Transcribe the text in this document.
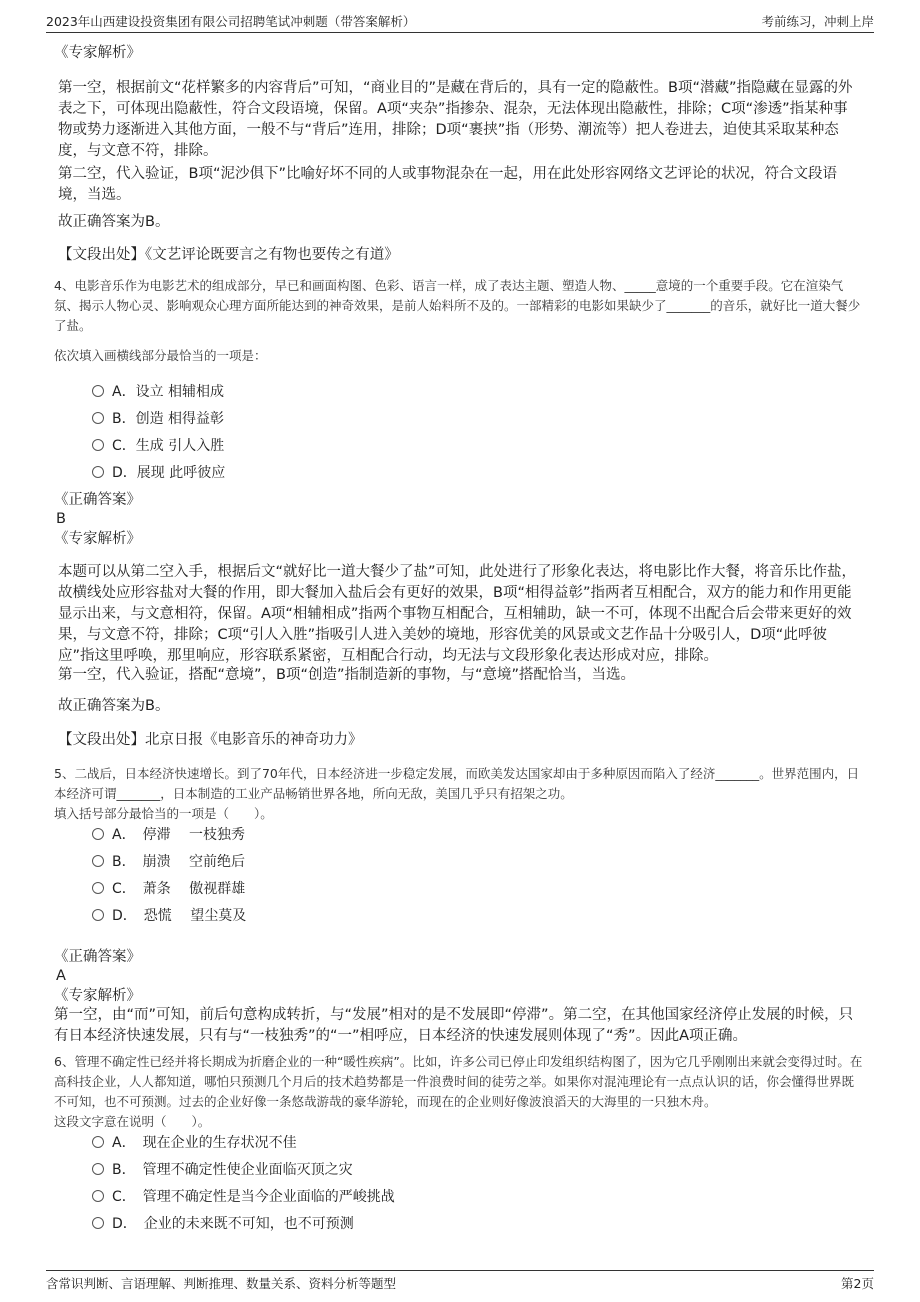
2023年山西建设投资集团有限公司招聘笔试冲刺题（带答案解析）	考前练习，冲刺上岸
《专家解析》
第一空，根据前文“花样繁多的内容背后”可知，“商业目的”是藏在背后的，具有一定的隐蔽性。B项“潜藏”指隐藏在显露的外表之下，可体现出隐蔽性，符合文段语境，保留。A项“夹杂”指掺杂、混杂，无法体现出隐蔽性，排除；C项“渗透”指某种事物或势力逐渐进入其他方面，一般不与“背后”连用，排除；D项“裹挟”指（形势、潮流等）把人卷进去，迫使其采取某种态度，与文意不符，排除。
第二空，代入验证，B项“泥沙俱下”比喻好坏不同的人或事物混杂在一起，用在此处形容网络文艺评论的状况，符合文段语境，当选。
故正确答案为B。
【文段出处】《文艺评论既要言之有物也要传之有道》
4、电影音乐作为电影艺术的组成部分，早已和画面构图、色彩、语言一样，成了表达主题、塑造人物、_____意境的一个重要手段。它在渲染气氛、揭示人物心灵、影响观众心理方面所能达到的神奇效果，是前人始料所不及的。一部精彩的电影如果缺少了_______的音乐，就好比一道大餐少了盐。
依次填入画横线部分最恰当的一项是：
A．设立 相辅相成
B．创造 相得益彰
C．生成 引人入胜
D．展现 此呼彼应
《正确答案》
B
《专家解析》
本题可以从第二空入手，根据后文“就好比一道大餐少了盐”可知，此处进行了形象化表达，将电影比作大餐，将音乐比作盐，故横线处应形容盐对大餐的作用，即大餐加入盐后会有更好的效果，B项“相得益彰”指两者互相配合，双方的能力和作用更能显示出来，与文意相符，保留。A项“相辅相成”指两个事物互相配合，互相辅助，缺一不可，体现不出配合后会带来更好的效果，与文意不符，排除；C项“引人入胜”指吸引人进入美妙的境地，形容优美的风景或文艺作品十分吸引人，D项“此呼彼应”指这里呼唤，那里响应，形容联系紧密，互相配合行动，均无法与文段形象化表达形成对应，排除。
第一空，代入验证，搭配“意境”，B项“创造”指制造新的事物，与“意境”搭配恰当，当选。
故正确答案为B。
【文段出处】北京日报《电影音乐的神奇功力》
5、二战后，日本经济快速增长。到了70年代，日本经济进一步稳定发展，而欧美发达国家却由于多种原因而陷入了经济_______。世界范围内，日本经济可谓_______，日本制造的工业产品畅销世界各地，所向无敌，美国几乎只有招架之功。
填入括号部分最恰当的一项是（　　）。
A．　停滞　 一枝独秀
B．　崩溃　 空前绝后
C．　萧条　 傲视群雄
D．　恐慌　 望尘莫及
《正确答案》
A
《专家解析》
第一空，由“而”可知，前后句意构成转折，与“发展”相对的是不发展即“停滞”。第二空，在其他国家经济停止发展的时候，只有日本经济快速发展，只有与“一枝独秀”的“一”相呼应，日本经济的快速发展则体现了“秀”。因此A项正确。
6、管理不确定性已经并将长期成为折磨企业的一种“暖性疾病”。比如，许多公司已停止印发组织结构图了，因为它几乎刚刚出来就会变得过时。在高科技企业，人人都知道，哪怕只预测几个月后的技术趋势都是一件浪费时间的徒劳之举。如果你对混沌理论有一点点认识的话，你会懂得世界既不可知，也不可预测。过去的企业好像一条悠哉游哉的豪华游轮，而现在的企业则好像波浪滔天的大海里的一只独木舟。
这段文字意在说明（　　）。
A．　现在企业的生存状况不佳
B．　管理不确定性使企业面临灭顶之灾
C．　管理不确定性是当今企业面临的严峻挑战
D．　企业的未来既不可知，也不可预测
含常识判断、言语理解、判断推理、数量关系、资料分析等题型	第2页
